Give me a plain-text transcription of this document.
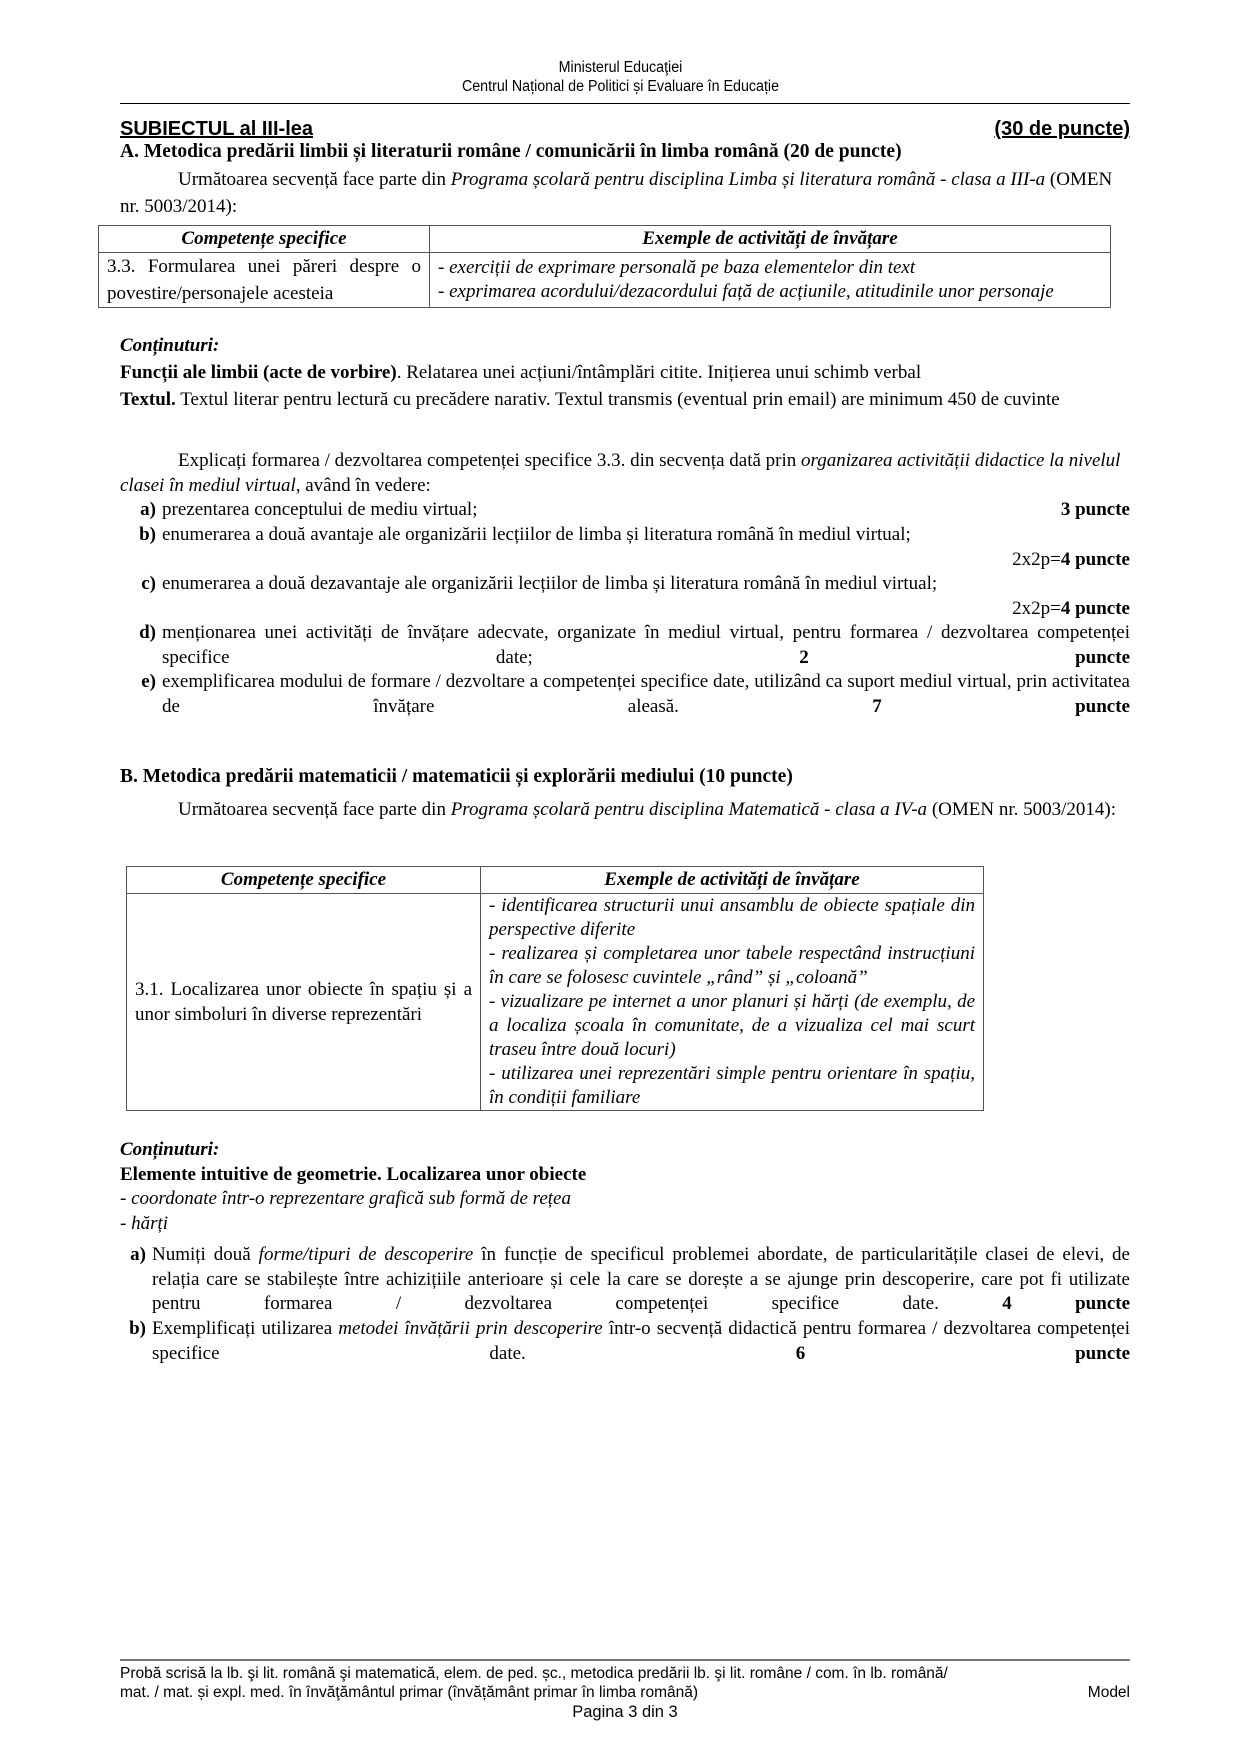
Ministerul Educaţiei
Centrul Național de Politici și Evaluare în Educație
SUBIECTUL al III-lea	(30 de puncte)
A. Metodica predării limbii și literaturii române / comunicării în limba română (20 de puncte)

Următoarea secvență face parte din Programa școlară pentru disciplina Limba și literatura română - clasa a III-a (OMEN nr. 5003/2014):

Competențe specifice	Exemple de activități de învățare
3.3. Formularea unei păreri despre o povestire/personajele acesteia	- exerciții de exprimare personală pe baza elementelor din text
- exprimarea acordului/dezacordului față de acțiunile, atitudinile unor personaje

Conținuturi:

Funcții ale limbii (acte de vorbire). Relatarea unei acțiuni/întâmplări citite. Inițierea unui schimb verbal

Textul. Textul literar pentru lectură cu precădere narativ. Textul transmis (eventual prin email) are minimum 450 de cuvinte

Explicați formarea / dezvoltarea competenței specifice 3.3. din secvența dată prin organizarea activității didactice la nivelul clasei în mediul virtual, având în vedere:

a)	3 puncte
prezentarea conceptului de mediu virtual;
b) enumerarea a două avantaje ale organizării lecțiilor de limba și literatura română în mediul virtual;
2x2p=4 puncte
c) enumerarea a două dezavantaje ale organizării lecțiilor de limba și literatura română în mediul virtual;
2x2p=4 puncte
d) menționarea unei activități de învățare adecvate, organizate în mediul virtual, pentru formarea / dezvoltarea competenței specifice date;	2 puncte
e) exemplificarea modului de formare / dezvoltare a competenței specifice date, utilizând ca suport mediul virtual, prin activitatea de învățare aleasă.	7 puncte
B. Metodica predării matematicii / matematicii și explorării mediului (10 puncte)

Următoarea secvență face parte din Programa școlară pentru disciplina Matematică - clasa a IV-a (OMEN nr. 5003/2014):

Competențe specifice	Exemple de activități de învățare
3.1. Localizarea unor obiecte în spațiu și a unor simboluri în diverse reprezentări	- identificarea structurii unui ansamblu de obiecte spațiale din perspective diferite
- realizarea și completarea unor tabele respectând instrucțiuni în care se folosesc cuvintele „rând” și „coloană”
- vizualizare pe internet a unor planuri și hărți (de exemplu, de a localiza școala în comunitate, de a vizualiza cel mai scurt traseu între două locuri)
- utilizarea unei reprezentări simple pentru orientare în spațiu, în condiții familiare

Conținuturi:

Elemente intuitive de geometrie. Localizarea unor obiecte

- coordonate într-o reprezentare grafică sub formă de rețea

- hărți

a) Numiți două forme/tipuri de descoperire în funcție de specificul problemei abordate, de particularitățile clasei de elevi, de relația care se stabilește între achizițiile anterioare și cele la care se dorește a se ajunge prin descoperire, care pot fi utilizate pentru formarea / dezvoltarea competenței specifice date.	4 puncte
b) Exemplificați utilizarea metodei învățării prin descoperire într-o secvență didactică pentru formarea / dezvoltarea competenței specifice date.	6 puncte
Probă scrisă la lb. şi lit. română şi matematică, elem. de ped. șc., metodica predării lb. şi lit. române / com. în lb. română/
mat. / mat. și expl. med. în învăţământul primar (învățământ primar în limba română)	Model
Pagina 3 din 3
